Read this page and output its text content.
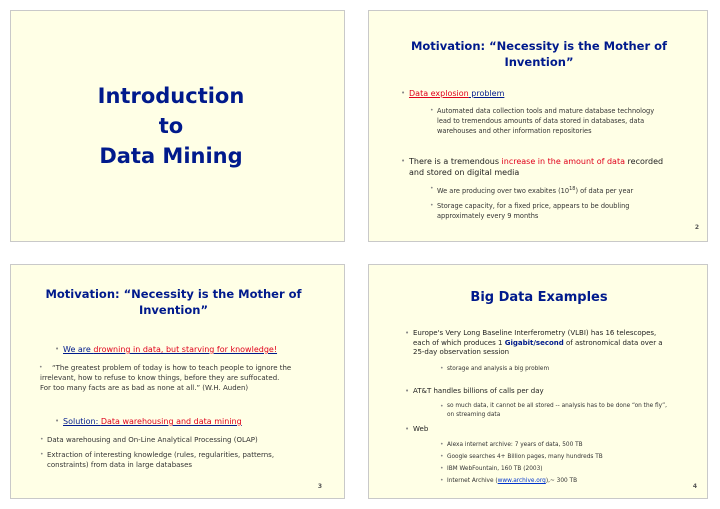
Introduction
to
Data Mining
Motivation: “Necessity is the Mother of
Invention”
• Data explosion problem
• Automated data collection tools and mature database technology
lead to tremendous amounts of data stored in databases, data
warehouses and other information repositories
• There is a tremendous increase in the amount of data recorded
and stored on digital media
• We are producing over two exabites $(10^{18})$ of data per year
• Storage capacity, for a fixed price, appears to be doubling
approximately every 9 months
2
Motivation: “Necessity is the Mother of
Invention”
• We are drowning in data, but starving for knowledge!
• “The greatest problem of today is how to teach people to ignore the
irrelevant, how to refuse to know things, before they are suffocated.
For too many facts are as bad as none at all.” (W.H. Auden)
• Solution: Data warehousing and data mining
• Data warehousing and On-Line Analytical Processing (OLAP)
• Extraction of interesting knowledge (rules, regularities, patterns,
constraints) from data in large databases
3
Big Data Examples
• Europe's Very Long Baseline Interferometry (VLBI) has 16 telescopes,
each of which produces 1 Gigabit/second of astronomical data over a
25-day observation session
• storage and analysis a big problem
• AT&T handles billions of calls per day
• so much data, it cannot be all stored -- analysis has to be done “on the fly”,
on streaming data
• Web
• Alexa internet archive: 7 years of data, 500 TB
• Google searches 4+ Billion pages, many hundreds TB
• IBM WebFountain, 160 TB (2003)
• Internet Archive (www.archive.org),~ 300 TB
4
